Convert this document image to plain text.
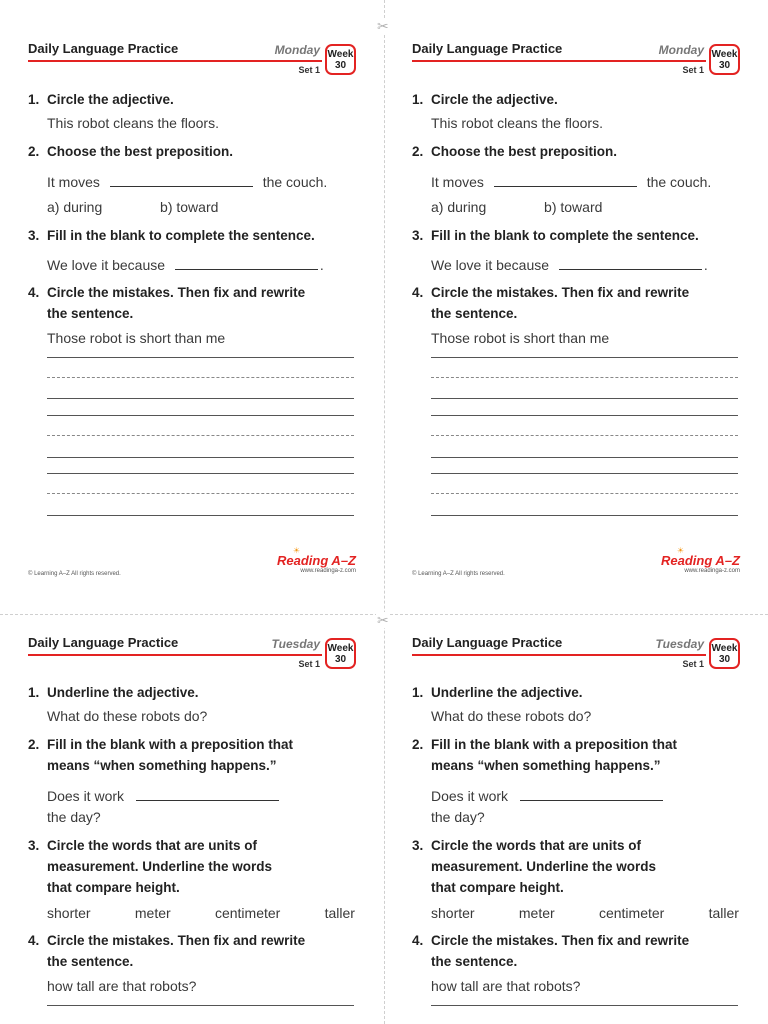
✂
✂
Daily Language Practice	Monday
Set 1
Week
30
1. Circle the adjective.
This robot cleans the floors.
2. Choose the best preposition.
It moves	the couch.
a) during	b) toward
3. Fill in the blank to complete the sentence.
We love it because	.
4. Circle the mistakes. Then fix and rewrite
the sentence.
Those robot is short than me
© Learning A–Z All rights reserved.
☀
Reading A–Z
www.readinga-z.com
Daily Language Practice	Monday
Set 1
Week
30
1. Circle the adjective.
This robot cleans the floors.
2. Choose the best preposition.
It moves	the couch.
a) during	b) toward
3. Fill in the blank to complete the sentence.
We love it because	.
4. Circle the mistakes. Then fix and rewrite
the sentence.
Those robot is short than me
© Learning A–Z All rights reserved.
☀
Reading A–Z
www.readinga-z.com
Daily Language Practice	Tuesday
Set 1
Week
30
1. Underline the adjective.
What do these robots do?
2. Fill in the blank with a preposition that
means “when something happens.”
Does it work
the day?
3. Circle the words that are units of
measurement. Underline the words
that compare height.
shorter	meter	centimeter	taller
4. Circle the mistakes. Then fix and rewrite
the sentence.
how tall are that robots?
Daily Language Practice	Tuesday
Set 1
Week
30
1. Underline the adjective.
What do these robots do?
2. Fill in the blank with a preposition that
means “when something happens.”
Does it work
the day?
3. Circle the words that are units of
measurement. Underline the words
that compare height.
shorter	meter	centimeter	taller
4. Circle the mistakes. Then fix and rewrite
the sentence.
how tall are that robots?
